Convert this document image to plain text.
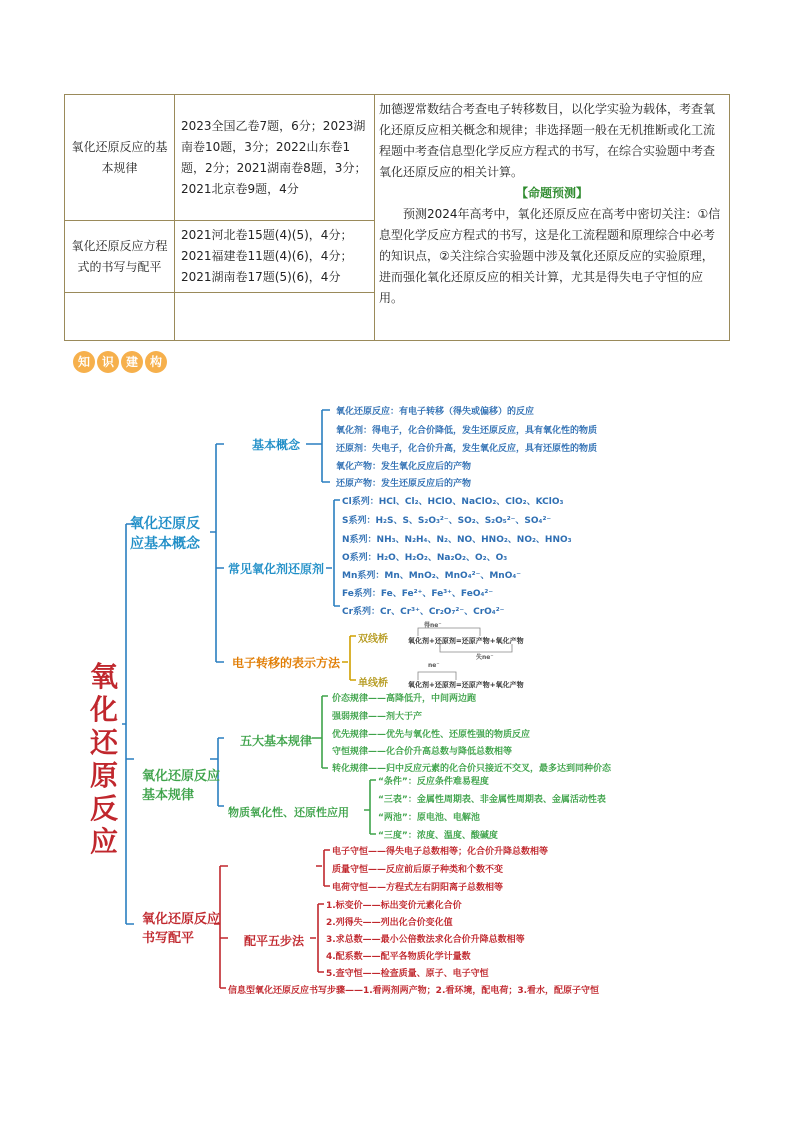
氧化还原反应的基本规律	2023全国乙卷7题，6分；2023湖南卷10题，3分；2022山东卷1题，2分；2021湖南卷8题，3分；2021北京卷9题，4分	加德逻常数结合考查电子转移数目，以化学实验为载体，考查氧化还原反应相关概念和规律；非选择题一般在无机推断或化工流程题中考查信息型化学反应方程式的书写，在综合实验题中考查氧化还原反应的相关计算。
【命题预测】
预测2024年高考中，氧化还原反应在高考中密切关注：①信息型化学反应方程式的书写，这是化工流程题和原理综合中必考的知识点，②关注综合实验题中涉及氧化还原反应的实验原理，进而强化氧化还原反应的相关计算，尤其是得失电子守恒的应用。

氧化还原反应方程式的书写与配平	2021河北卷15题(4)(5)，4分；2021福建卷11题(4)(6)，4分；2021湖南卷17题(5)(6)，4分	

知 识 建 构
氧化还原反应
氧化还原反应基本概念
基本概念
氧化还原反应：有电子转移（得失或偏移）的反应
氧化剂：得电子，化合价降低，发生还原反应，具有氧化性的物质
还原剂：失电子，化合价升高，发生氧化反应，具有还原性的物质
氧化产物：发生氧化反应后的产物
还原产物：发生还原反应后的产物
常见氧化剂还原剂
Cl系列：HCl、Cl₂、HClO、NaClO₂、ClO₂、KClO₃
S系列：H₂S、S、S₂O₃²⁻、SO₂、S₂O₅²⁻、SO₄²⁻
N系列：NH₃、N₂H₄、N₂、NO、HNO₂、NO₂、HNO₃
O系列：H₂O、H₂O₂、Na₂O₂、O₂、O₃
Mn系列：Mn、MnO₂、MnO₄²⁻、MnO₄⁻
Fe系列：Fe、Fe²⁺、Fe³⁺、FeO₄²⁻
Cr系列：Cr、Cr³⁺、Cr₂O₇²⁻、CrO₄²⁻
电子转移的表示方法
双线桥
得ne⁻
氧化剂+还原剂=还原产物+氧化产物
失ne⁻
单线桥
ne⁻
氧化剂+还原剂=还原产物+氧化产物
氧化还原反应基本规律
五大基本规律
价态规律——高降低升，中间两边跑
强弱规律——剂大于产
优先规律——优先与氧化性、还原性强的物质反应
守恒规律——化合价升高总数与降低总数相等
转化规律——归中反应元素的化合价只接近不交叉，最多达到同种价态
物质氧化性、还原性应用
“条件”：反应条件难易程度
“三表”：金属性周期表、非金属性周期表、金属活动性表
“两池”：原电池、电解池
“三度”：浓度、温度、酸碱度
氧化还原反应书写配平
电子守恒——得失电子总数相等；化合价升降总数相等
质量守恒——反应前后原子种类和个数不变
电荷守恒——方程式左右阴阳离子总数相等
配平五步法
1.标变价——标出变价元素化合价
2.列得失——列出化合价变化值
3.求总数——最小公倍数法求化合价升降总数相等
4.配系数——配平各物质化学计量数
5.查守恒——检查质量、原子、电子守恒
信息型氧化还原反应书写步骤——1.看两剂两产物；2.看环境，配电荷；3.看水，配原子守恒
